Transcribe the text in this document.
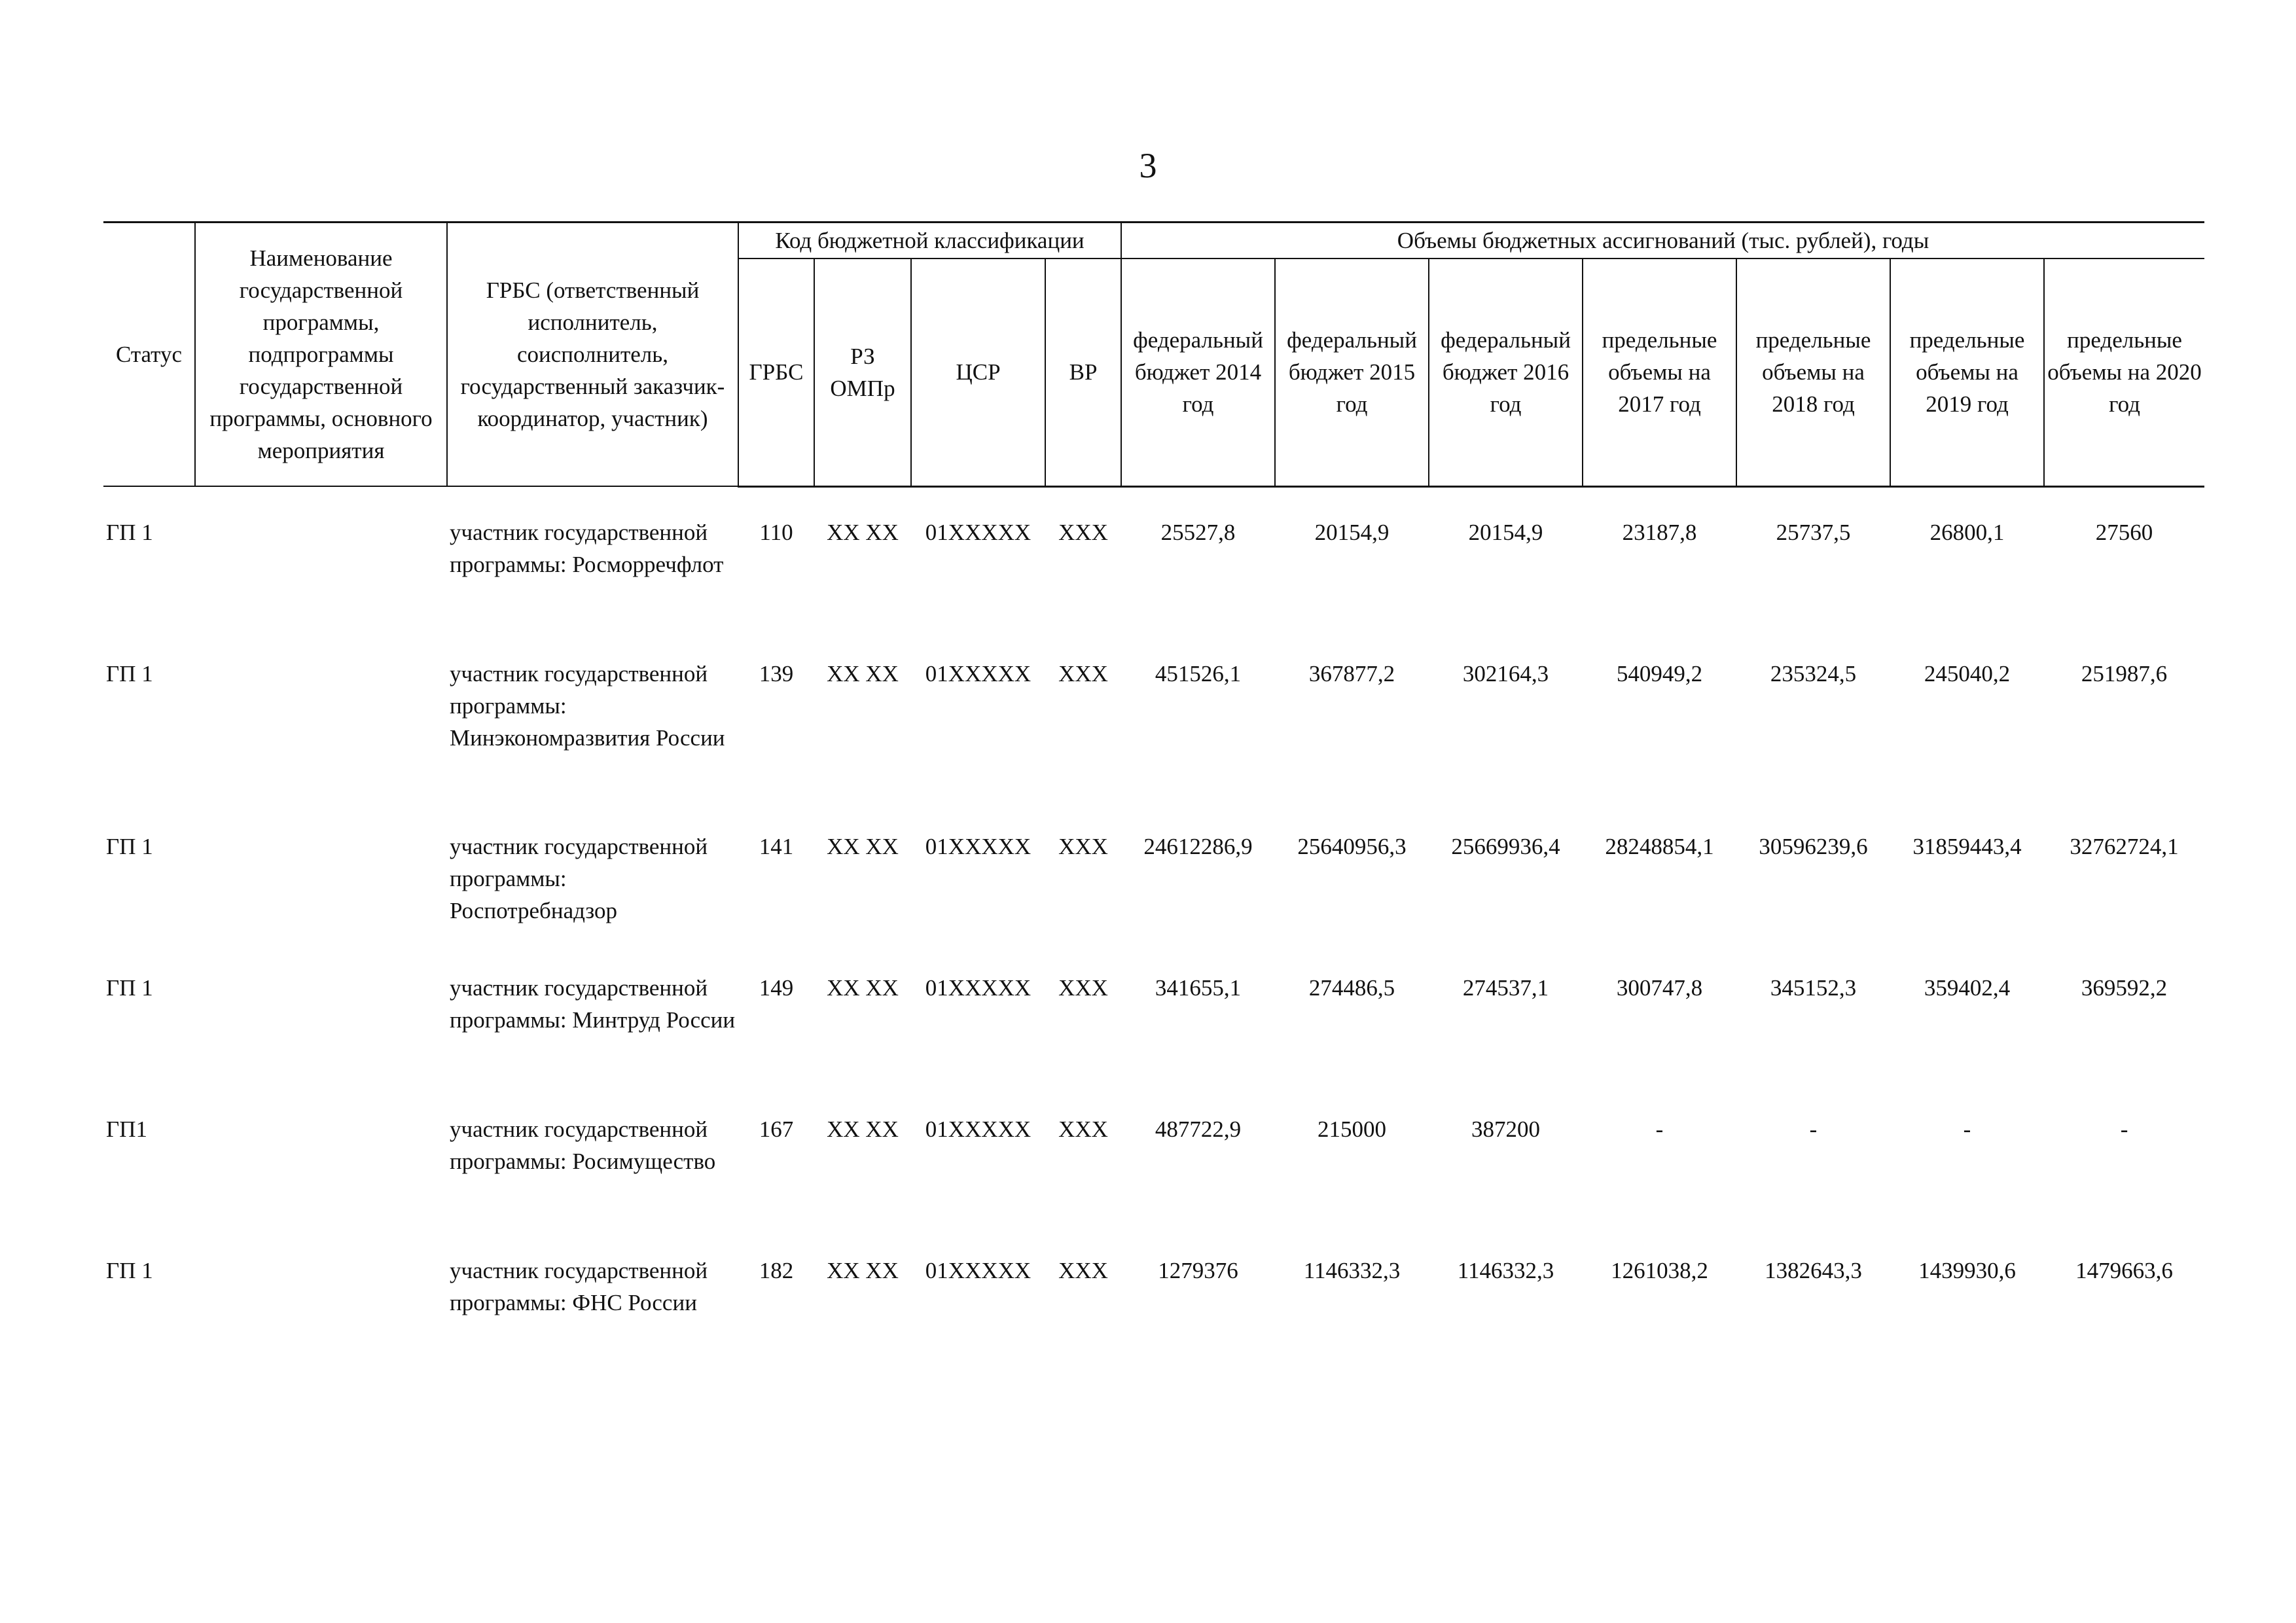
3
Статус	Наименование государственной программы, подпрограммы государственной программы, основного мероприятия	ГРБС (ответственный исполнитель, соисполнитель, государственный заказчик-координатор, участник)	Код бюджетной классификации				Объемы бюджетных ассигнований (тыс. рублей), годы						
			ГРБС	РЗ ОМПр	ЦСР	ВР	федеральный бюджет 2014 год	федеральный бюджет 2015 год	федеральный бюджет 2016 год	предельные объемы на 2017 год	предельные объемы на 2018 год	предельные объемы на 2019 год	предельные объемы на 2020 год

ГП 1		участник государственной программы: Росморречфлот	110	ХХ ХХ	01ХХХХХ	ХХХ	25527,8	20154,9	20154,9	23187,8	25737,5	26800,1	27560
ГП 1		участник государственной программы: Минэкономразвития России	139	ХХ ХХ	01ХХХХХ	ХХХ	451526,1	367877,2	302164,3	540949,2	235324,5	245040,2	251987,6
ГП 1		участник государственной программы: Роспотребнадзор	141	ХХ ХХ	01ХХХХХ	ХХХ	24612286,9	25640956,3	25669936,4	28248854,1	30596239,6	31859443,4	32762724,1
ГП 1		участник государственной программы: Минтруд России	149	ХХ ХХ	01ХХХХХ	ХХХ	341655,1	274486,5	274537,1	300747,8	345152,3	359402,4	369592,2
ГП1		участник государственной программы: Росимущество	167	ХХ ХХ	01ХХХХХ	ХХХ	487722,9	215000	387200	-	-	-	-
ГП 1		участник государственной программы: ФНС России	182	ХХ ХХ	01ХХХХХ	ХХХ	1279376	1146332,3	1146332,3	1261038,2	1382643,3	1439930,6	1479663,6
